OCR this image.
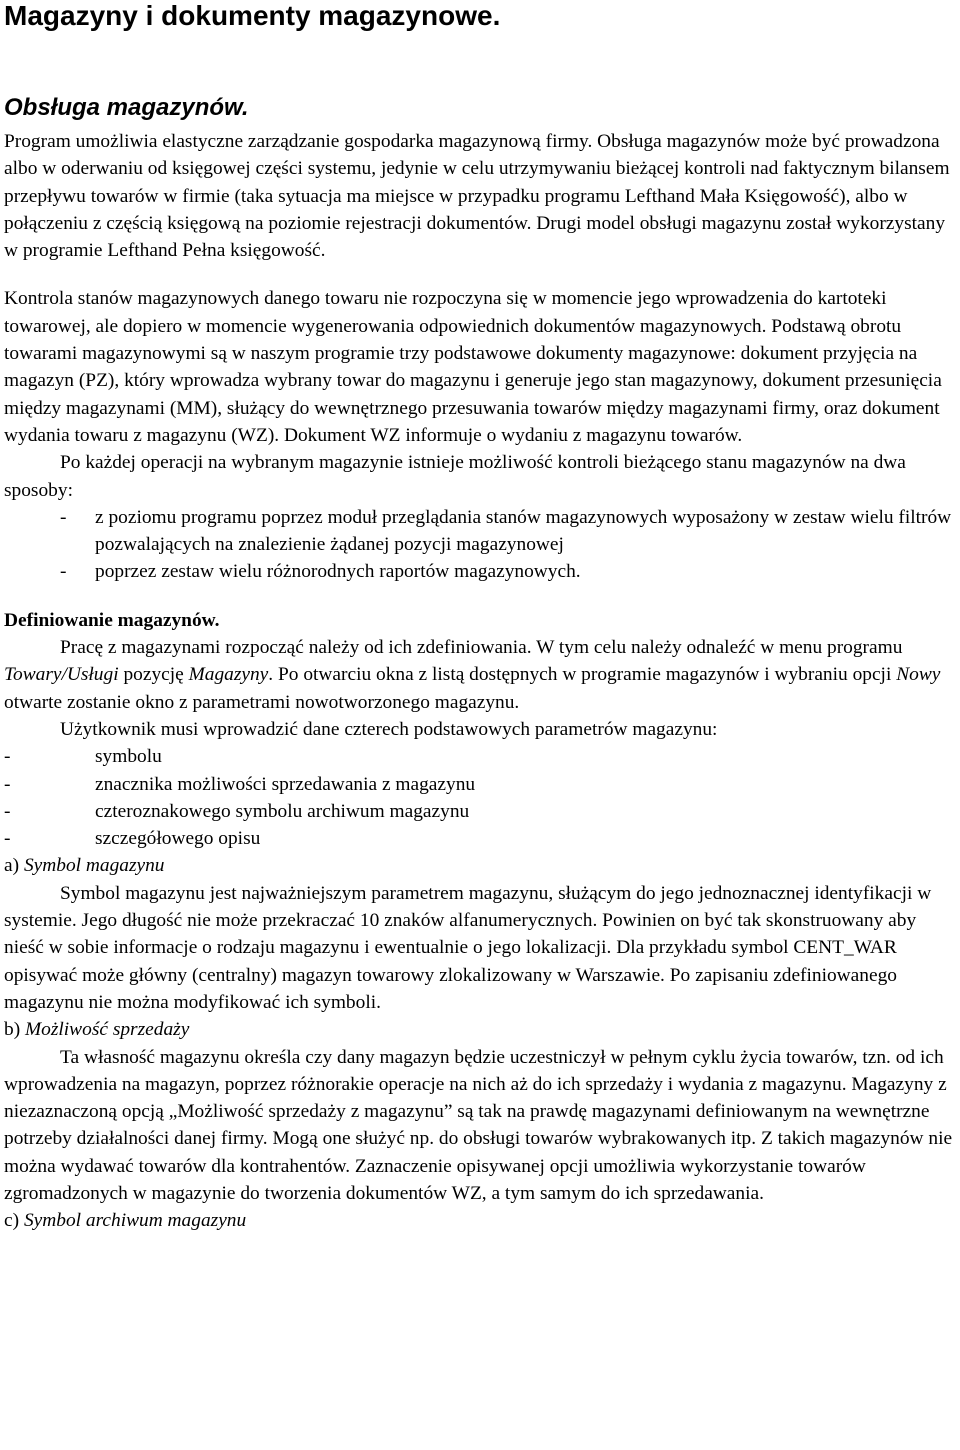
Magazyny i dokumenty magazynowe.
Obsługa magazynów.
Program umożliwia elastyczne zarządzanie gospodarka magazynową firmy. Obsługa magazynów może być prowadzona albo w oderwaniu od księgowej części systemu, jedynie w celu utrzymywaniu bieżącej kontroli nad faktycznym bilansem przepływu towarów w firmie (taka sytuacja ma miejsce w przypadku programu Lefthand Mała Księgowość), albo w połączeniu z częścią księgową na poziomie rejestracji dokumentów. Drugi model obsługi magazynu został wykorzystany w programie Lefthand Pełna księgowość.
Kontrola stanów magazynowych danego towaru nie rozpoczyna się w momencie jego wprowadzenia do kartoteki towarowej, ale dopiero w momencie wygenerowania odpowiednich dokumentów magazynowych. Podstawą obrotu towarami magazynowymi są w naszym programie trzy podstawowe dokumenty magazynowe: dokument przyjęcia na magazyn (PZ), który wprowadza wybrany towar do magazynu i generuje jego stan magazynowy, dokument przesunięcia między magazynami (MM), służący do wewnętrznego przesuwania towarów między magazynami firmy, oraz dokument wydania towaru z magazynu (WZ). Dokument WZ informuje o wydaniu z magazynu towarów.
Po każdej operacji na wybranym magazynie istnieje możliwość kontroli bieżącego stanu magazynów na dwa sposoby:
- z poziomu programu poprzez moduł przeglądania stanów magazynowych wyposażony w zestaw wielu filtrów pozwalających na znalezienie żądanej pozycji magazynowej
- poprzez zestaw wielu różnorodnych raportów magazynowych.
Definiowanie magazynów.
Pracę z magazynami rozpocząć należy od ich zdefiniowania. W tym celu należy odnaleźć w menu programu Towary/Usługi pozycję Magazyny. Po otwarciu okna z listą dostępnych w programie magazynów i wybraniu opcji Nowy otwarte zostanie okno z parametrami nowotworzonego magazynu.
Użytkownik musi wprowadzić dane czterech podstawowych parametrów magazynu:
-	symbolu
-	znacznika możliwości sprzedawania z magazynu
-	czteroznakowego symbolu archiwum magazynu
-	szczegółowego opisu
a) Symbol magazynu
Symbol magazynu jest najważniejszym parametrem magazynu, służącym do jego jednoznacznej identyfikacji w systemie. Jego długość nie może przekraczać 10 znaków alfanumerycznych. Powinien on być tak skonstruowany aby nieść w sobie informacje o rodzaju magazynu i ewentualnie o jego lokalizacji. Dla przykładu symbol CENT_WAR opisywać może główny (centralny) magazyn towarowy zlokalizowany w Warszawie. Po zapisaniu zdefiniowanego magazynu nie można modyfikować ich symboli.
b) Możliwość sprzedaży
Ta własność magazynu określa czy dany magazyn będzie uczestniczył w pełnym cyklu życia towarów, tzn. od ich wprowadzenia na magazyn, poprzez różnorakie operacje na nich aż do ich sprzedaży i wydania z magazynu. Magazyny z niezaznaczoną opcją „Możliwość sprzedaży z magazynu” są tak na prawdę magazynami definiowanym na wewnętrzne potrzeby działalności danej firmy. Mogą one służyć np. do obsługi towarów wybrakowanych itp. Z takich magazynów nie można wydawać towarów dla kontrahentów. Zaznaczenie opisywanej opcji umożliwia wykorzystanie towarów zgromadzonych w magazynie do tworzenia dokumentów WZ, a tym samym do ich sprzedawania.
c) Symbol archiwum magazynu
